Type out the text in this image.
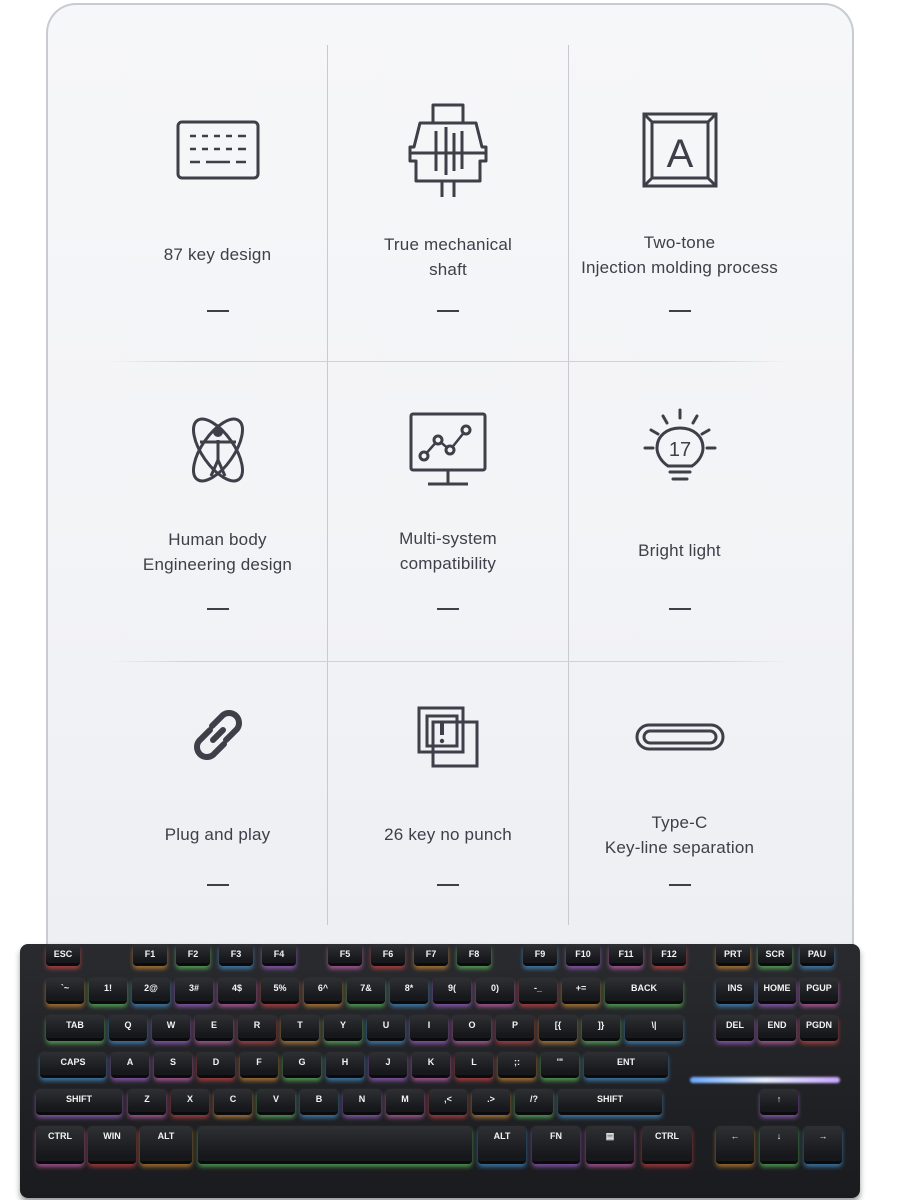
87 key design
True mechanical
shaft
A
Two-tone
Injection molding process
Human body
Engineering design
Multi-system
compatibility
17
Bright light
Plug and play	26 key no punch
Type-C
Key-line separation
ESC	F1	F2	F3	F4	F5	F6	F7	F8	F9	F10	F11	F12	PRT	SCR	PAU
`~	1!	2@	3#	4$	5%	6^	7&	8*	9(	0)	-_	+=	BACK	INS	HOME	PGUP
TAB	Q	W	E	R	T	Y	U	I	O	P	[{	]}	\|	DEL	END	PGDN
CAPS	A	S	D	F	G	H	J	K	L	;:	'"	ENT
SHIFT	Z	X	C	V	B	N	M	,<	.>	/?	SHIFT	↑
CTRL	WIN	ALT	ALT	FN	▤	CTRL	←	↓	→
